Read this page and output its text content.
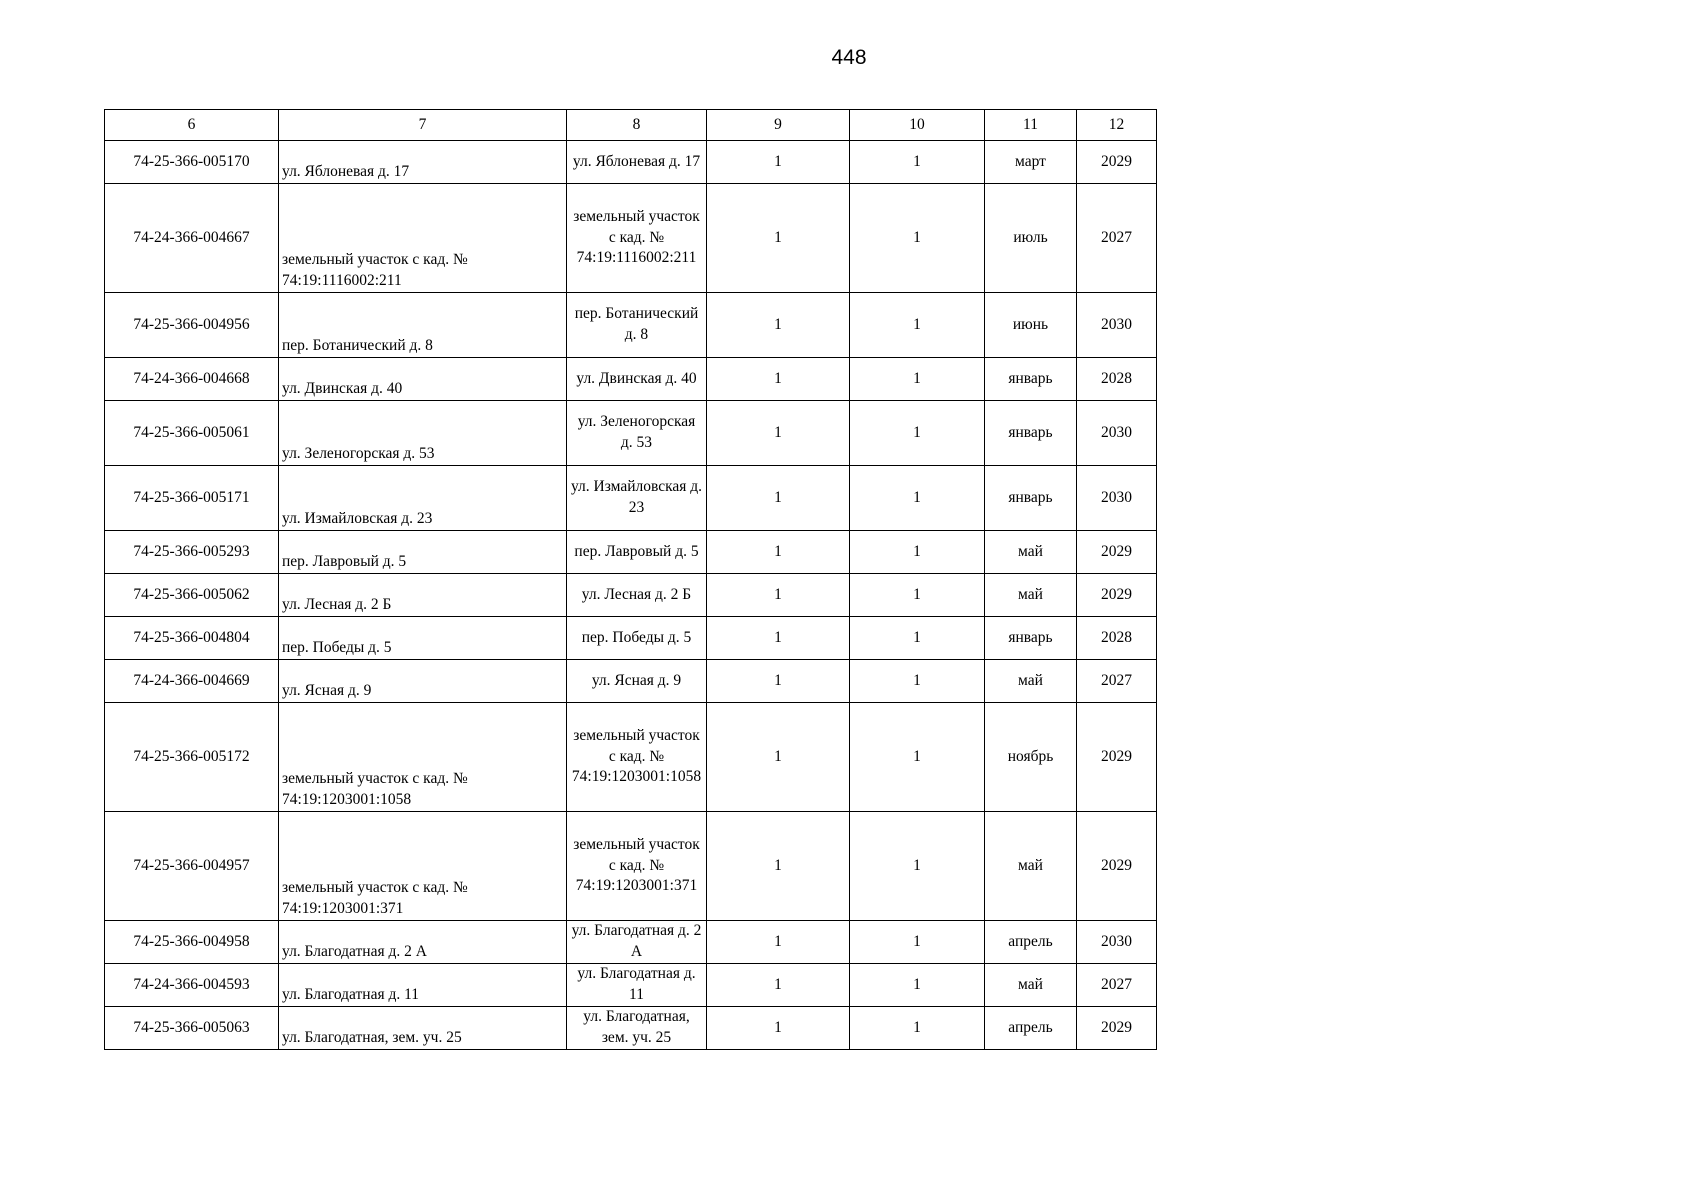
448
6	7	8	9	10	11	12
74-25-366-005170	ул. Яблоневая д. 17	ул. Яблоневая д. 17	1	1	март	2029
74-24-366-004667	земельный участок с кад. № 74:19:1116002:211	земельный участок с кад. № 74:19:1116002:211	1	1	июль	2027
74-25-366-004956	пер. Ботанический д. 8	пер. Ботанический д. 8	1	1	июнь	2030
74-24-366-004668	ул. Двинская д. 40	ул. Двинская д. 40	1	1	январь	2028
74-25-366-005061	ул. Зеленогорская д. 53	ул. Зеленогорская д. 53	1	1	январь	2030
74-25-366-005171	ул. Измайловская д. 23	ул. Измайловская д. 23	1	1	январь	2030
74-25-366-005293	пер. Лавровый д. 5	пер. Лавровый д. 5	1	1	май	2029
74-25-366-005062	ул. Лесная д. 2 Б	ул. Лесная д. 2 Б	1	1	май	2029
74-25-366-004804	пер. Победы д. 5	пер. Победы д. 5	1	1	январь	2028
74-24-366-004669	ул. Ясная д. 9	ул. Ясная д. 9	1	1	май	2027
74-25-366-005172	земельный участок с кад. № 74:19:1203001:1058	земельный участок с кад. № 74:19:1203001:1058	1	1	ноябрь	2029
74-25-366-004957	земельный участок с кад. № 74:19:1203001:371	земельный участок с кад. № 74:19:1203001:371	1	1	май	2029
74-25-366-004958	ул. Благодатная д. 2 А	ул. Благодатная д. 2 А	1	1	апрель	2030
74-24-366-004593	ул. Благодатная д. 11	ул. Благодатная д. 11	1	1	май	2027
74-25-366-005063	ул. Благодатная, зем. уч. 25	ул. Благодатная, зем. уч. 25	1	1	апрель	2029
